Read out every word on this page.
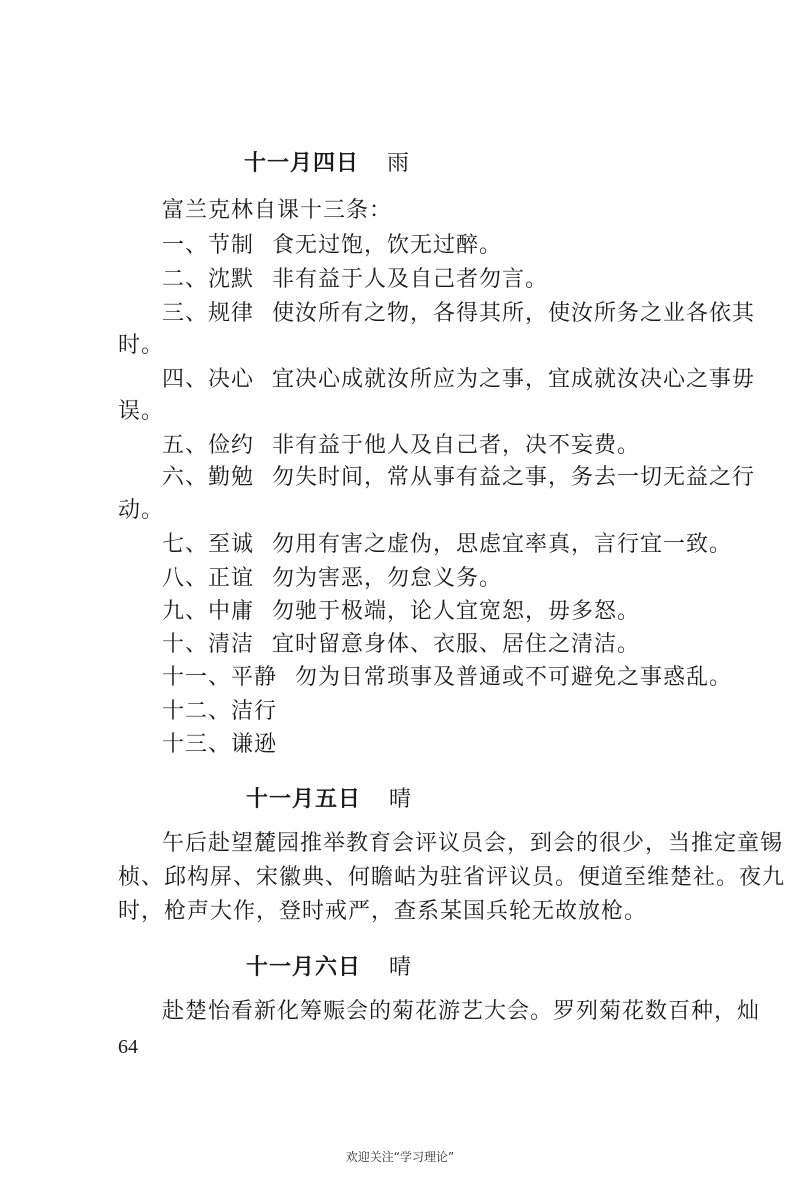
十一月四日 雨
富兰克林自课十三条：
一、节制 食无过饱，饮无过醉。
二、沈默 非有益于人及自己者勿言。
三、规律 使汝所有之物，各得其所，使汝所务之业各依其
时。
四、决心 宜决心成就汝所应为之事，宜成就汝决心之事毋
误。
五、俭约 非有益于他人及自己者，决不妄费。
六、勤勉 勿失时间，常从事有益之事，务去一切无益之行
动。
七、至诚 勿用有害之虚伪，思虑宜率真，言行宜一致。
八、正谊 勿为害恶，勿怠义务。
九、中庸 勿驰于极端，论人宜宽恕，毋多怒。
十、清洁 宜时留意身体、衣服、居住之清洁。
十一、平静 勿为日常琐事及普通或不可避免之事惑乱。
十二、洁行
十三、谦逊
十一月五日 晴
午后赴望麓园推举教育会评议员会，到会的很少，当推定童锡
桢、邱构屏、宋徽典、何瞻岵为驻省评议员。便道至维楚社。夜九
时，枪声大作，登时戒严，查系某国兵轮无故放枪。
十一月六日 晴
赴楚怡看新化筹赈会的菊花游艺大会。罗列菊花数百种，灿
64
欢迎关注“学习理论”
